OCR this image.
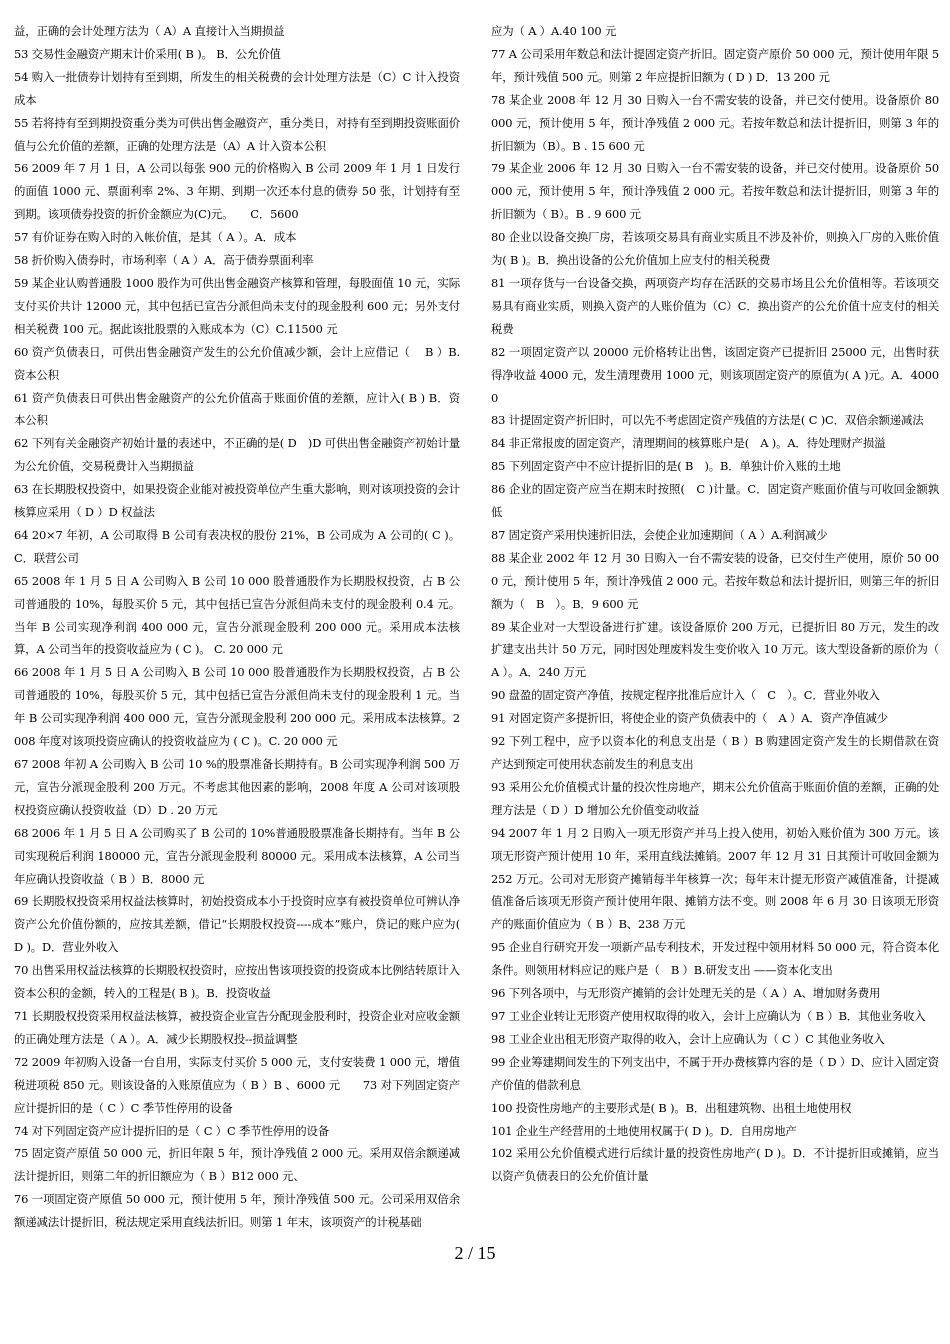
益，正确的会计处理方法为（ A）A 直接计入当期损益

53 交易性金融资产期末计价采用( B )。 B．公允价值

54 购入一批债券计划持有至到期，所发生的相关税费的会计处理方法是（C）C 计入投资成本

55 若将持有至到期投资重分类为可供出售金融资产，重分类日，对持有至到期投资账面价值与公允价值的差额，正确的处理方法是（A）A 计入资本公积

56 2009 年 7 月 1 日，A 公司以每张 900 元的价格购入 B 公司 2009 年 1 月 1 日发行的面值 1000 元、票面利率 2%、3 年期、到期一次还本付息的债券 50 张，计划持有至到期。该项债券投资的折价金额应为(C)元。　　C．5600

57 有价证券在购入时的入帐价值，是其（ A ）。A．成本

58 折价购入债券时，市场利率（ A ）A．高于债券票面利率

59 某企业认购普通股 1000 股作为可供出售金融资产核算和管理，每股面值 10 元，实际支付买价共计 12000 元，其中包括已宣告分派但尚未支付的现金股利 600 元；另外支付相关税费 100 元。据此该批股票的入账成本为（C）C.11500 元

60 资产负债表日，可供出售金融资产发生的公允价值减少额，会计上应借记（　 B ）B.资本公积

61 资产负债表日可供出售金融资产的公允价值高于账面价值的差额，应计入( B ) B．资本公积

62 下列有关金融资产初始计量的表述中，不正确的是( D　)D 可供出售金融资产初始计量为公允价值，交易税费计入当期损益

63 在长期股权投资中，如果投资企业能对被投资单位产生重大影响，则对该项投资的会计核算应采用（ D ）D 权益法

64 20×7 年初，A 公司取得 B 公司有表决权的股份 21%，B 公司成为 A 公司的( C )。C．联营公司

65 2008 年 1 月 5 日 A 公司购入 B 公司 10 000 股普通股作为长期股权投资，占 B 公司普通股的 10%，每股买价 5 元，其中包括已宣告分派但尚未支付的现金股利 0.4 元。当年 B 公司实现净利润 400 000 元，宣告分派现金股利 200 000 元。采用成本法核算，A 公司当年的投资收益应为 ( C )。 C. 20 000 元

66 2008 年 1 月 5 日 A 公司购入 B 公司 10 000 股普通股作为长期股权投资，占 B 公司普通股的 10%，每股买价 5 元，其中包括已宣告分派但尚未支付的现金股利 1 元。当年 B 公司实现净利润 400 000 元，宣告分派现金股利 200 000 元。采用成本法核算。2008 年度对该项投资应确认的投资收益应为 ( C )。C. 20 000 元

67 2008 年初 A 公司购入 B 公司 10 %的股票准备长期持有。B 公司实现净利润 500 万元，宣告分派现金股利 200 万元。不考虑其他因素的影响，2008 年度 A 公司对该项股权投资应确认投资收益（D）D . 20 万元

68 2006 年 1 月 5 日 A 公司购买了 B 公司的 10%普通股股票准备长期持有。当年 B 公司实现税后利润 180000 元，宣告分派现金股利 80000 元。采用成本法核算，A 公司当年应确认投资收益（ B ）B．8000 元

69 长期股权投资采用权益法核算时，初始投资成本小于投资时应享有被投资单位可辨认净资产公允价值份额的，应按其差额，借记“长期股权投资----成本”账户，贷记的账户应为(　D )。D．营业外收入

70 出售采用权益法核算的长期股权投资时，应按出售该项投资的投资成本比例结转原计入资本公积的金额，转入的工程是( B )。B．投资收益

71 长期股权投资采用权益法核算，被投资企业宣告分配现金股利时，投资企业对应收金额的正确处理方法是（ A ）。A．减少长期股权投--损益调整

72 2009 年初购入设备一台自用，实际支付买价 5 000 元，支付安装费 1 000 元，增值税进项税 850 元。则该设备的入账原值应为（ B ）B 、6000 元　　73 对下列固定资产应计提折旧的是（ C ）C 季节性停用的设备

74 对下列固定资产应计提折旧的是（ C ）C 季节性停用的设备

75 固定资产原值 50 000 元，折旧年限 5 年，预计净残值 2 000 元。采用双倍余额递减法计提折旧，则第二年的折旧额应为（ B ）B12 000 元、

76 一项固定资产原值 50 000 元，预计使用 5 年，预计净残值 500 元。公司采用双倍余额递减法计提折旧，税法规定采用直线法折旧。则第 1 年末，该项资产的计税基础

应为（ A ）A.40 100 元

77 A 公司采用年数总和法计提固定资产折旧。固定资产原价 50 000 元，预计使用年限 5 年，预计残值 500 元。则第 2 年应提折旧额为 ( D ) D．13 200 元

78 某企业 2008 年 12 月 30 日购入一台不需安装的设备，并已交付使用。设备原价 80 000 元，预计使用 5 年，预计净残值 2 000 元。若按年数总和法计提折旧，则第 3 年的折旧额为（B）。B . 15 600 元

79 某企业 2006 年 12 月 30 日购入一台不需安装的设备，并已交付使用。设备原价 50 000 元，预计使用 5 年，预计净残值 2 000 元。若按年数总和法计提折旧，则第 3 年的折旧额为（ B）。B . 9 600 元

80 企业以设备交换厂房，若该项交易具有商业实质且不涉及补价，则换入厂房的入账价值为( B )。B．换出设备的公允价值加上应支付的相关税费

81 一项存货与一台设备交换，两项资产均存在活跃的交易市场且公允价值相等。若该项交易具有商业实质，则换入资产的人账价值为（C）C．换出资产的公允价值十应支付的相关税费

82 一项固定资产以 20000 元价格转让出售，该固定资产已提折旧 25000 元，出售时获得净收益 4000 元，发生清理费用 1000 元，则该项固定资产的原值为( A )元。A．40000

83 计提固定资产折旧时，可以先不考虑固定资产残值的方法是( C )C．双倍余额递减法

84 非正常报废的固定资产，清理期间的核算账户是(　A )。A．待处理财产损溢

85 下列固定资产中不应计提折旧的是( B　)。B．单独计价入账的土地

86 企业的固定资产应当在期末时按照(　C )计量。C．固定资产账面价值与可收回金额孰低

87 固定资产采用快速折旧法，会使企业加速期间（ A ）A.利润减少

88 某企业 2002 年 12 月 30 日购入一台不需安装的设备，已交付生产使用，原价 50 000 元，预计使用 5 年，预计净残值 2 000 元。若按年数总和法计提折旧，则第三年的折旧额为（　B　）。B．9 600 元

89 某企业对一大型设备进行扩建。该设备原价 200 万元，已提折旧 80 万元，发生的改扩建支出共计 50 万元，同时因处理废料发生变价收入 10 万元。该大型设备新的原价为（ A ）。A．240 万元

90 盘盈的固定资产净值，按规定程序批准后应计入（　C　）。C．营业外收入

91 对固定资产多提折旧，将使企业的资产负债表中的（　A ）A．资产净值减少

92 下列工程中，应予以资本化的利息支出是（ B ）B 购建固定资产发生的长期借款在资产达到预定可使用状态前发生的利息支出

93 采用公允价值模式计量的投次性房地产，期末公允价值高于账面价值的差额，正确的处理方法是（ D ）D 增加公允价值变动收益

94 2007 年 1 月 2 日购入一项无形资产并马上投入使用，初始入账价值为 300 万元。该项无形资产预计使用 10 年，采用直线法摊销。2007 年 12 月 31 日其预计可收回金额为 252 万元。公司对无形资产摊销每半年核算一次；每年末计提无形资产减值准备，计提减值准备后该项无形资产预计使用年限、摊销方法不变。则 2008 年 6 月 30 日该项无形资产的账面价值应为（ B ）B、238 万元

95 企业自行研究开发一项新产品专利技术，开发过程中领用材料 50 000 元，符合资本化条件。则领用材料应记的账户是（　B ）B.研发支出 ——资本化支出

96 下列各项中，与无形资产摊销的会计处理无关的是（ A ）A、增加财务费用

97 工业企业转让无形资产使用权取得的收入，会计上应确认为（ B ）B．其他业务收入

98 工业企业出租无形资产取得的收入，会计上应确认为（ C ）C 其他业务收入

99 企业筹建期间发生的下列支出中，不属于开办费核算内容的是（ D ）D、应计入固定资产价值的借款利息

100 投资性房地产的主要形式是( B )。B．出租建筑物、出租土地使用权

101 企业生产经营用的土地使用权属于( D )。D．自用房地产

102 采用公允价值模式进行后续计量的投资性房地产( D )。D．不计提折旧或摊销，应当以资产负债表日的公允价值计量

2 / 15
